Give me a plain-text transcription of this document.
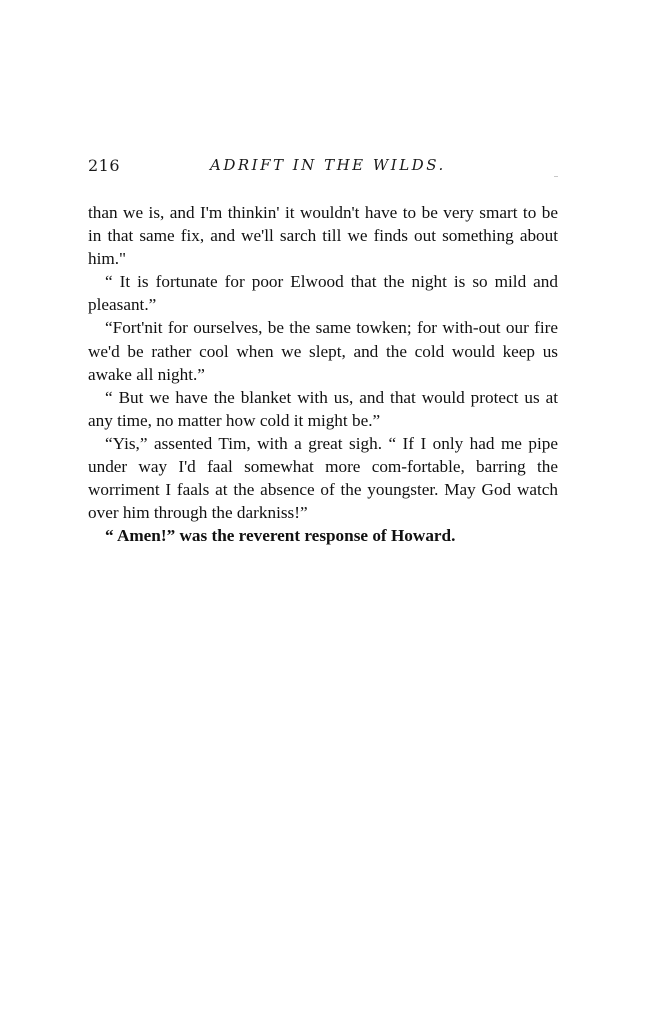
216	ADRIFT IN THE WILDS.

than we is, and I'm thinkin' it wouldn't have to be very smart to be in that same fix, and we'll sarch till we finds out something about him."

“ It is fortunate for poor Elwood that the night is so mild and pleasant.”

“Fort'nit for ourselves, be the same towken; for with-out our fire we'd be rather cool when we slept, and the cold would keep us awake all night.”

“ But we have the blanket with us, and that would protect us at any time, no matter how cold it might be.”

“Yis,” assented Tim, with a great sigh. “ If I only had me pipe under way I'd faal somewhat more com-fortable, barring the worriment I faals at the absence of the youngster. May God watch over him through the darkniss!”

“ Amen!” was the reverent response of Howard.
